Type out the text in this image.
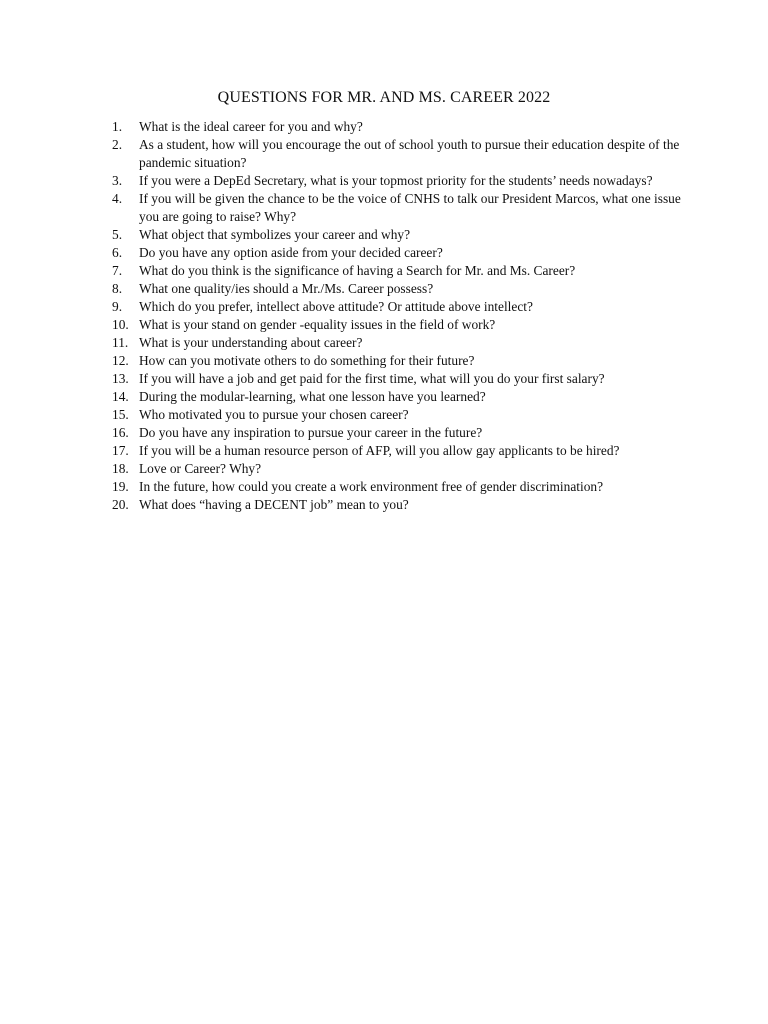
QUESTIONS FOR MR. AND MS. CAREER 2022
1.	What is the ideal career for you and why?
2.	As a student, how will you encourage the out of school youth to pursue their education despite of the pandemic situation?
3.	If you were a DepEd Secretary, what is your topmost priority for the students’ needs nowadays?
4.	If you will be given the chance to be the voice of CNHS to talk our President Marcos, what one issue you are going to raise? Why?
5.	What object that symbolizes your career and why?
6.	Do you have any option aside from your decided career?
7.	What do you think is the significance of having a Search for Mr. and Ms. Career?
8.	What one quality/ies should a Mr./Ms. Career possess?
9.	Which do you prefer, intellect above attitude? Or attitude above intellect?
10. What is your stand on gender -equality issues in the field of work?
11. What is your understanding about career?
12. How can you motivate others to do something for their future?
13. If you will have a job and get paid for the first time, what will you do your first salary?
14. During the modular-learning, what one lesson have you learned?
15. Who motivated you to pursue your chosen career?
16. Do you have any inspiration to pursue your career in the future?
17. If you will be a human resource person of AFP, will you allow gay applicants to be hired?
18. Love or Career? Why?
19. In the future, how could you create a work environment free of gender discrimination?
20. What does “having a DECENT job” mean to you?
